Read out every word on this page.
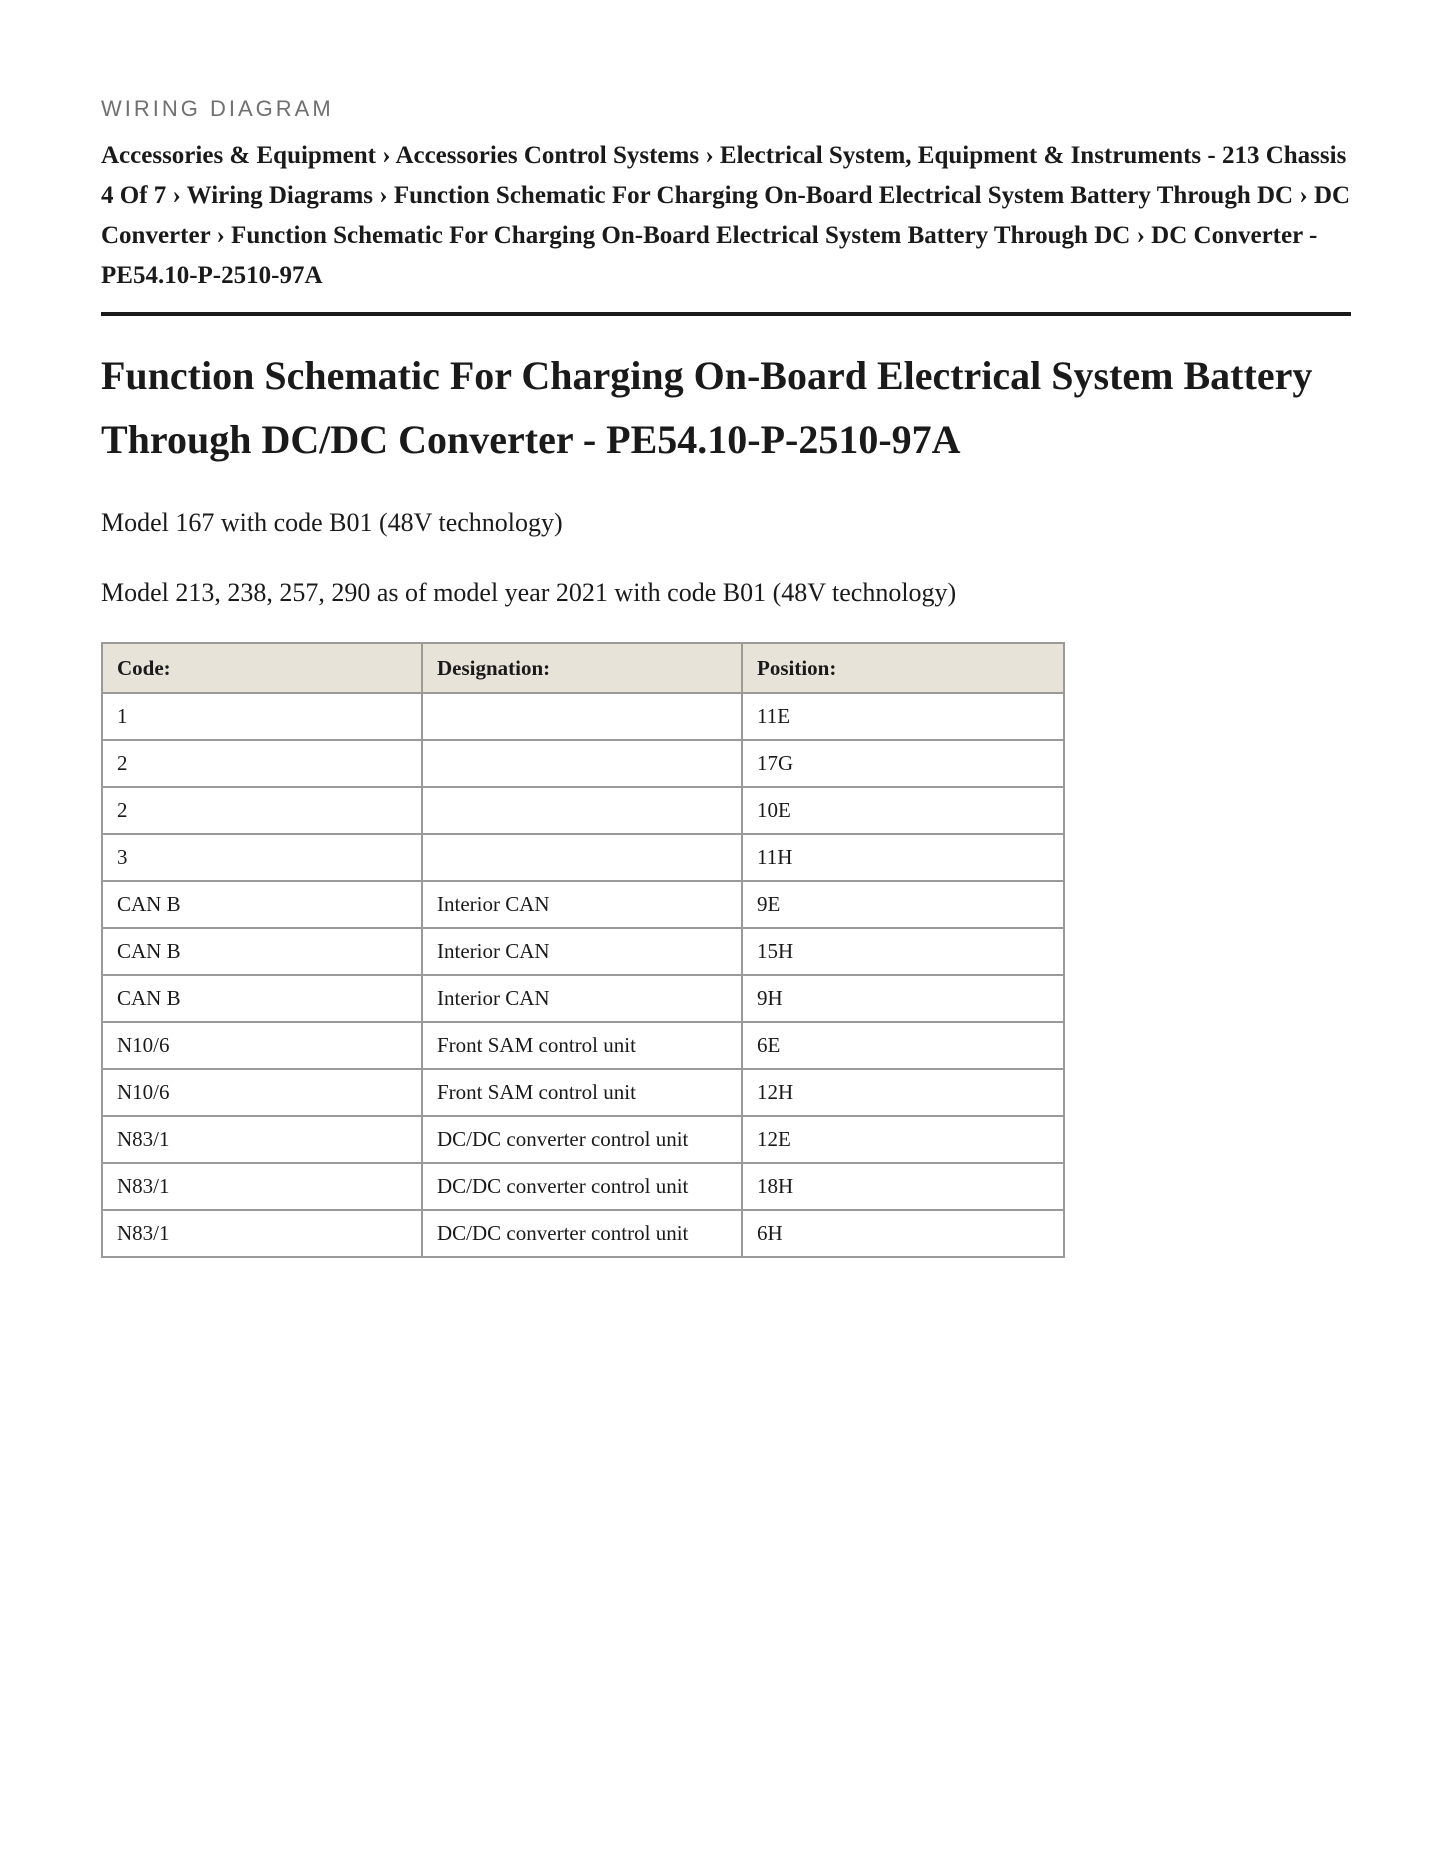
WIRING DIAGRAM
Accessories & Equipment › Accessories Control Systems › Electrical System, Equipment & Instruments - 213 Chassis 4 Of 7 › Wiring Diagrams › Function Schematic For Charging On-Board Electrical System Battery Through DC › DC Converter › Function Schematic For Charging On-Board Electrical System Battery Through DC › DC Converter - PE54.10-P-2510-97A
Function Schematic For Charging On-Board Electrical System Battery Through DC/DC Converter - PE54.10-P-2510-97A

Model 167 with code B01 (48V technology)

Model 213, 238, 257, 290 as of model year 2021 with code B01 (48V technology)

Code:	Designation:	Position:
1		11E
2		17G
2		10E
3		11H
CAN B	Interior CAN	9E
CAN B	Interior CAN	15H
CAN B	Interior CAN	9H
N10/6	Front SAM control unit	6E
N10/6	Front SAM control unit	12H
N83/1	DC/DC converter control unit	12E
N83/1	DC/DC converter control unit	18H
N83/1	DC/DC converter control unit	6H
